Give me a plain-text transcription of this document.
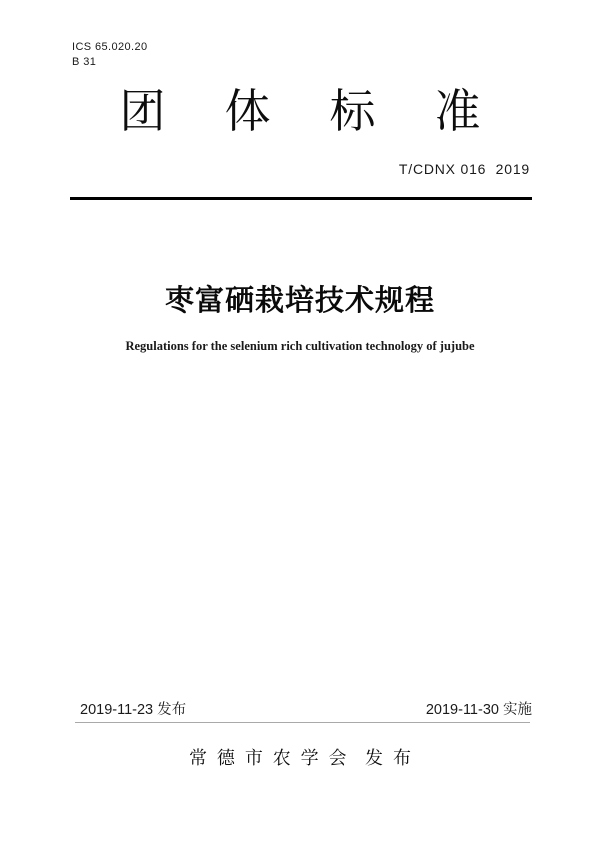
ICS 65.020.20
B 31
团体标准
T/CDNX 016  2019
枣富硒栽培技术规程
Regulations for the selenium rich cultivation technology of jujube
2019-11-23 发布	2019-11-30 实施
常德市农学会 发布
